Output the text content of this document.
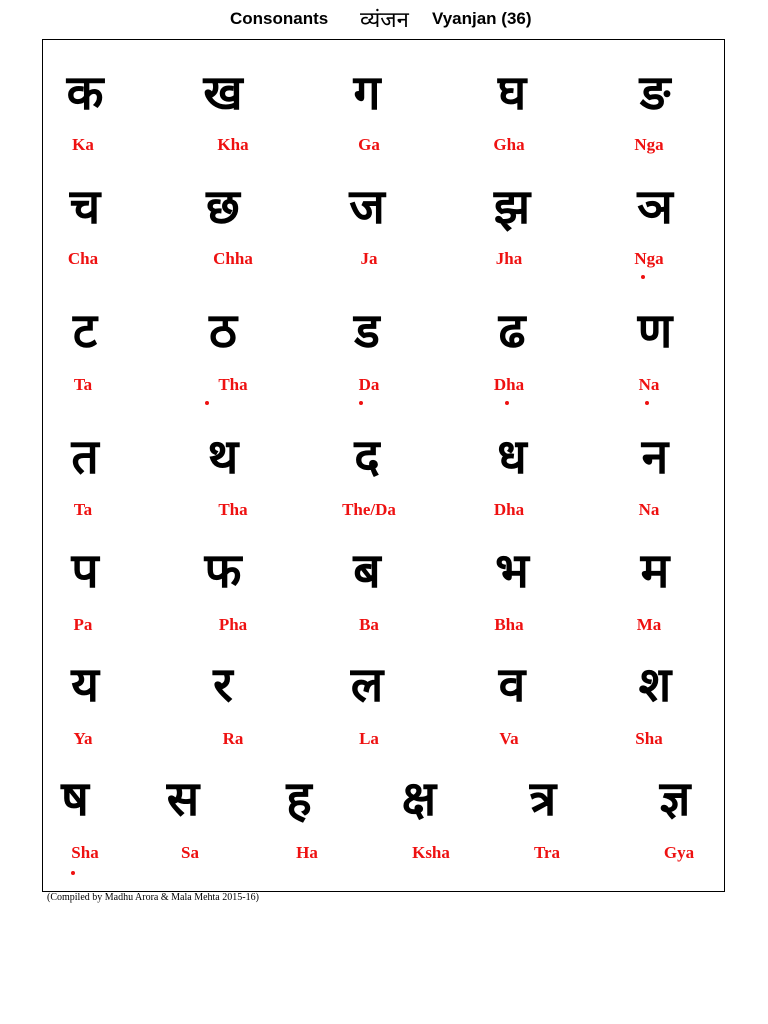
Consonants व्यंजन Vyanjan (36)
क
Ka
ख
Kha
ग
Ga
घ
Gha
ङ
Nga
च
Cha
छ
Chha
ज
Ja
झ
Jha
ञ
Nga
ट
Ta
ठ
Tha
ड
Da
ढ
Dha
ण
Na
त
Ta
थ
Tha
द
The/Da
ध
Dha
न
Na
प
Pa
फ
Pha
ब
Ba
भ
Bha
म
Ma
य
Ya
र
Ra
ल
La
व
Va
श
Sha
ष
Sha
स
Sa
ह
Ha
क्ष
Ksha
त्र
Tra
ज्ञ
Gya
(Compiled by Madhu Arora & Mala Mehta 2015-16)
